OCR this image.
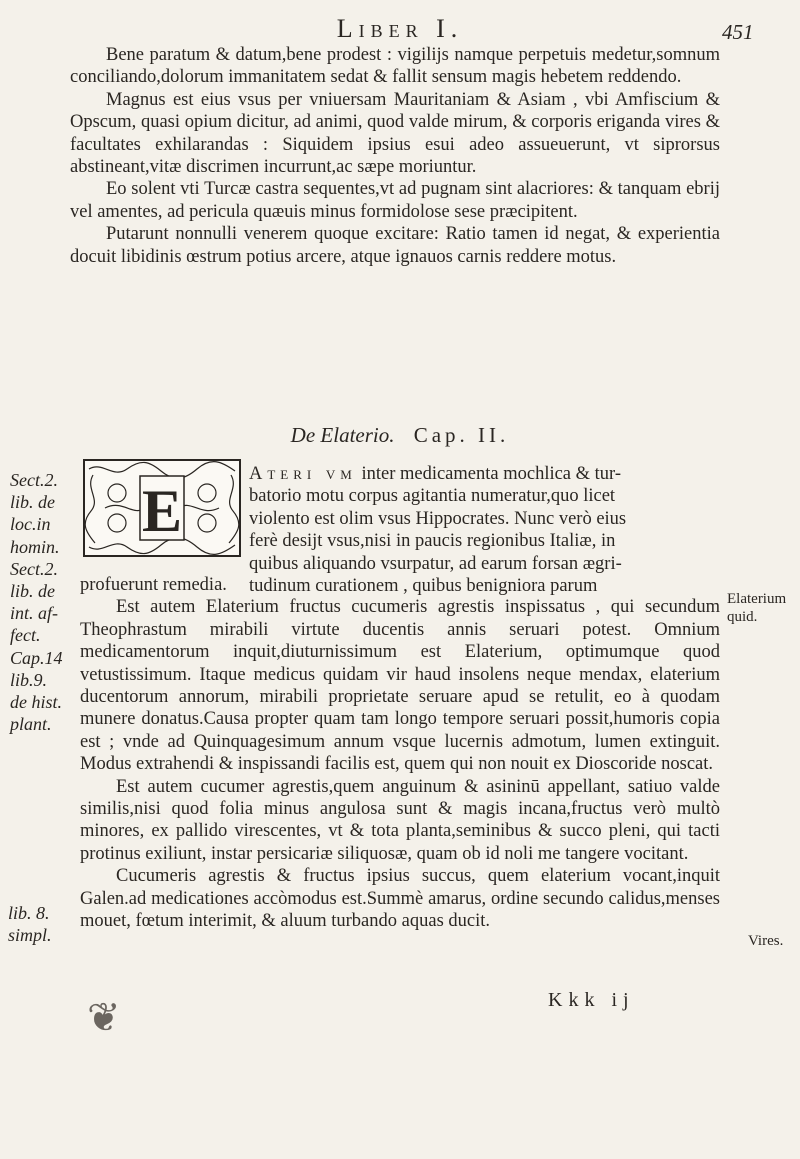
Liber I.	451

Bene paratum & datum,bene prodest : vigilijs namque perpetuis medetur,somnum conciliando,dolorum immanitatem sedat & fallit sensum magis hebetem reddendo.

Magnus est eius vsus per vniuersam Mauritaniam & Asiam , vbi Amfiscium & Opscum, quasi opium dicitur, ad animi, quod valde mirum, & corporis eriganda vires & facultates exhilarandas : Siquidem ipsius esui adeo assueuerunt, vt siprorsus abstineant,vitæ discrimen incurrunt,ac sæpe moriuntur.

Eo solent vti Turcæ castra sequentes,vt ad pugnam sint alacriores: & tanquam ebrij vel amentes, ad pericula quæuis minus formidolose sese præcipitent.

Putarunt nonnulli venerem quoque excitare: Ratio tamen id negat, & experientia docuit libidinis œstrum potius arcere, atque ignauos carnis reddere motus.

De Elaterio. Cap. II.
E
Ateri vm inter medicamenta mochlica & tur-
batorio motu corpus agitantia numeratur,quo licet
violento est olim vsus Hippocrates. Nunc verò eius
ferè desijt vsus,nisi in paucis regionibus Italiæ, in
quibus aliquando vsurpatur, ad earum forsan ægri-
tudinum curationem , quibus benigniora parum

profuerunt remedia.

Est autem Elaterium fructus cucumeris agrestis inspissatus , qui secundum Theophrastum mirabili virtute ducentis annis seruari potest. Omnium medicamentorum inquit,diuturnissimum est Elaterium, optimumque quod vetustissimum. Itaque medicus quidam vir haud insolens neque mendax, elaterium ducentorum annorum, mirabili proprietate seruare apud se retulit, eo à quodam munere donatus.Causa propter quam tam longo tempore seruari possit,humoris copia est ; vnde ad Quinquagesimum annum vsque lucernis admotum, lumen extinguit. Modus extrahendi & inspissandi facilis est, quem qui non nouit ex Dioscoride noscat.

Est autem cucumer agrestis,quem anguinum & asininū appellant, satiuo valde similis,nisi quod folia minus angulosa sunt & magis incana,fructus verò multò minores, ex pallido virescentes, vt & tota planta,seminibus & succo pleni, qui tacti protinus exiliunt, instar persicariæ siliquosæ, quam ob id noli me tangere vocitant.

Cucumeris agrestis & fructus ipsius succus, quem elaterium vocant,inquit Galen.ad medicationes accòmodus est.Summè amarus, ordine secundo calidus,menses mouet, fœtum interimit, & aluum turbando aquas ducit.

Sect.2.
lib. de
loc.in
homin.
Sect.2.
lib. de
int. af-
fect.
Cap.14
lib.9.
de hist.
plant.
lib. 8.
simpl.
Elaterium
quid.
Vires.
❦	Kkk ij
